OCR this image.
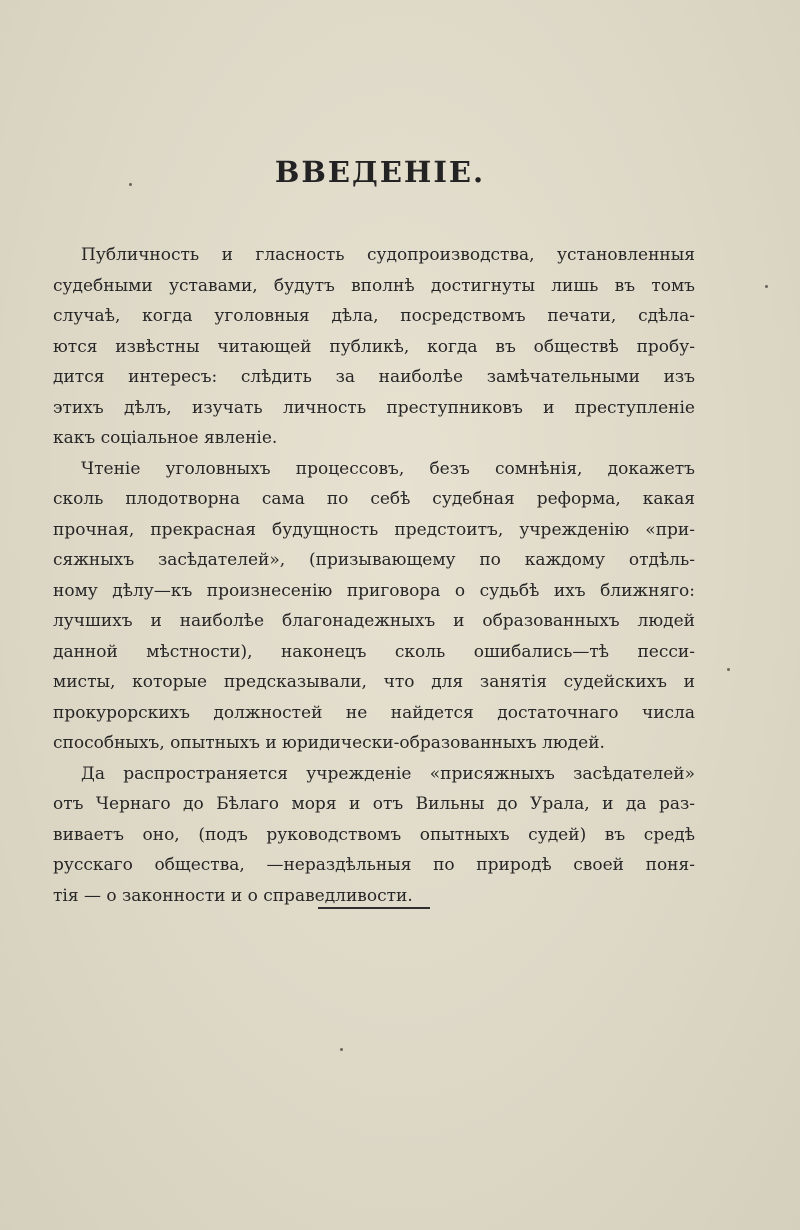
ВВЕДЕНІЕ.
Публичность и гласность судопроизводства, установленныя
судебными уставами, будутъ вполнѣ достигнуты лишь въ томъ
случаѣ, когда уголовныя дѣла, посредствомъ печати, сдѣла-
ются извѣстны читающей публикѣ, когда въ обществѣ пробу-
дится интересъ: слѣдить за наиболѣе замѣчательными изъ
этихъ дѣлъ, изучать личность преступниковъ и преступленіе
какъ соціальное явленіе.
Чтеніе уголовныхъ процессовъ, безъ сомнѣнія, докажетъ
сколь плодотворна сама по себѣ судебная реформа, какая
прочная, прекрасная будущность предстоитъ, учрежденію «при-
сяжныхъ засѣдателей», (призывающему по каждому отдѣль-
ному дѣлу—къ произнесенію приговора о судьбѣ ихъ ближняго:
лучшихъ и наиболѣе благонадежныхъ и образованныхъ людей
данной мѣстности), наконецъ сколь ошибались—тѣ песси-
мисты, которые предсказывали, что для занятія судейскихъ и
прокурорскихъ должностей не найдется достаточнаго числа
способныхъ, опытныхъ и юридически-образованныхъ людей.
Да распространяется учрежденіе «присяжныхъ засѣдателей»
отъ Чернаго до Бѣлаго моря и отъ Вильны до Урала, и да раз-
виваетъ оно, (подъ руководствомъ опытныхъ судей) въ средѣ
русскаго общества, —нераздѣльныя по природѣ своей поня-
тія — о законности и о справедливости.
